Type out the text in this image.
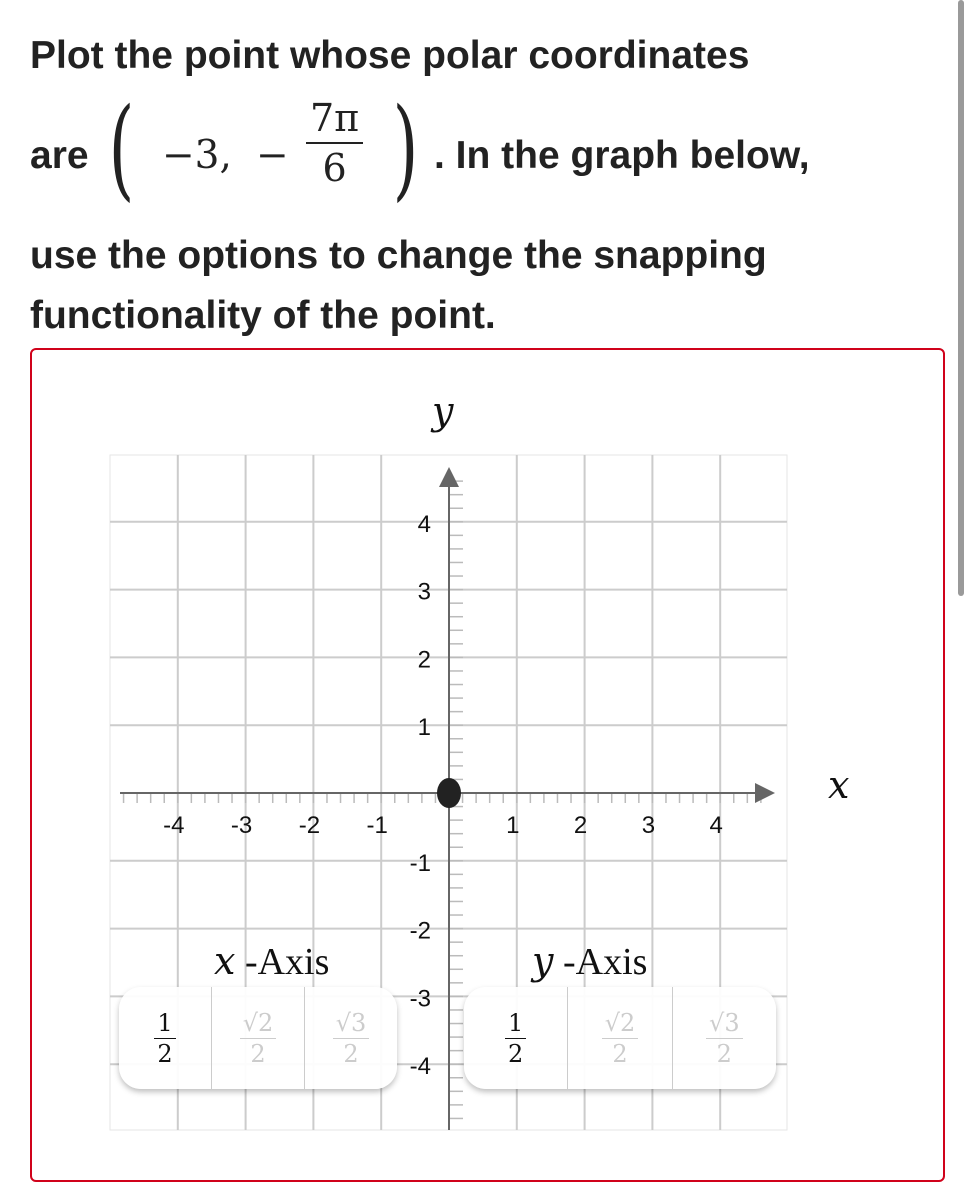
Plot the point whose polar coordinates
are ( −3, − $\frac{7\pi}{6}$ ) . In the graph below,
use the options to change the snapping
functionality of the point.
-4 -3 -2 -1	1 2 3 4
4
3
2
1
-1
-2
-3
-4
y
x
x -Axis	y -Axis
$\frac{1}{2}$	$\frac{√2}{2} \frac{√3}{2}$	$\frac{1}{2}$	$\frac{√2}{2}$	$\frac{√3}{2}$
